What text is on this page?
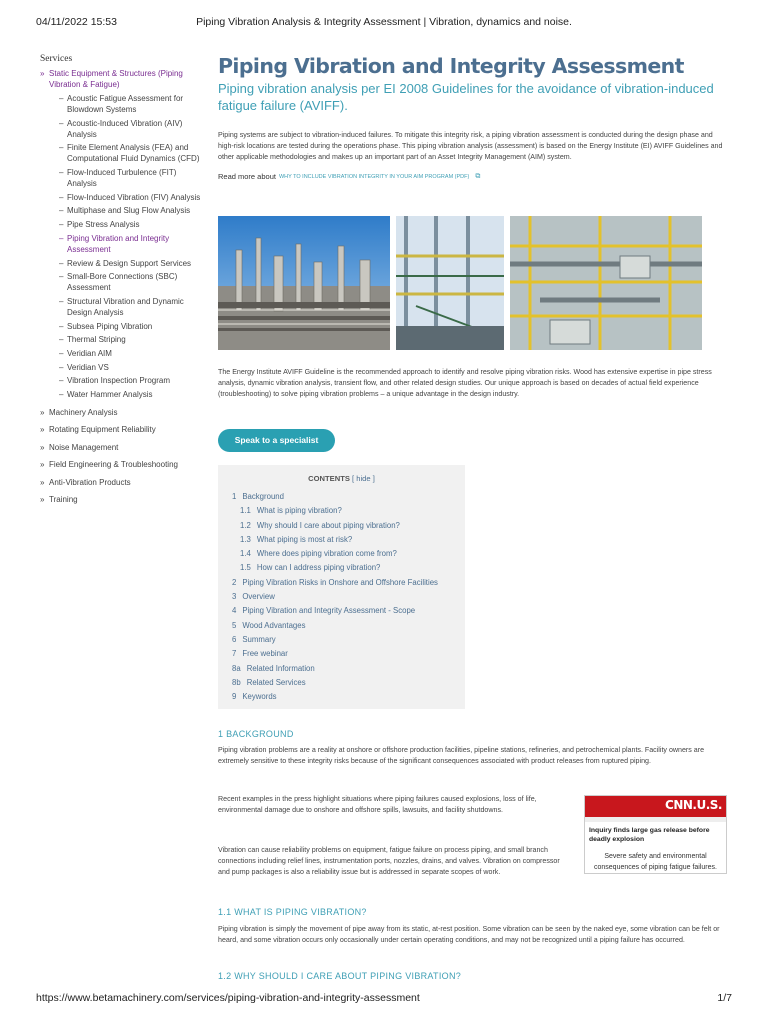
04/11/2022 15:53	Piping Vibration Analysis & Integrity Assessment | Vibration, dynamics and noise.
Services
» Static Equipment & Structures (Piping Vibration & Fatigue)
– Acoustic Fatigue Assessment for Blowdown Systems
– Acoustic-Induced Vibration (AIV) Analysis
– Finite Element Analysis (FEA) and Computational Fluid Dynamics (CFD)
– Flow-Induced Turbulence (FIT) Analysis
– Flow-Induced Vibration (FIV) Analysis
– Multiphase and Slug Flow Analysis
– Pipe Stress Analysis
– Piping Vibration and Integrity Assessment
– Review & Design Support Services
– Small-Bore Connections (SBC) Assessment
– Structural Vibration and Dynamic Design Analysis
– Subsea Piping Vibration
– Thermal Striping
– Veridian AIM
– Veridian VS
– Vibration Inspection Program
– Water Hammer Analysis
» Machinery Analysis
» Rotating Equipment Reliability
» Noise Management
» Field Engineering & Troubleshooting
» Anti-Vibration Products
» Training
Piping Vibration and Integrity Assessment
Piping vibration analysis per EI 2008 Guidelines for the avoidance of vibration-induced fatigue failure (AVIFF).

Piping systems are subject to vibration-induced failures. To mitigate this integrity risk, a piping vibration assessment is conducted during the design phase and high-risk locations are tested during the operations phase. This piping vibration analysis (assessment) is based on the Energy Institute (EI) AVIFF Guidelines and other applicable methodologies and makes up an important part of an Asset Integrity Management (AIM) system.

Read more about WHY TO INCLUDE VIBRATION INTEGRITY IN YOUR AIM PROGRAM (PDF) ⧉

The Energy Institute AVIFF Guideline is the recommended approach to identify and resolve piping vibration risks. Wood has extensive expertise in pipe stress analysis, dynamic vibration analysis, transient flow, and other related design studies. Our unique approach is based on decades of actual field experience (troubleshooting) to solve piping vibration problems – a unique advantage in the design industry.

Speak to a specialist
CONTENTS [ hide ]
1 Background
1.1 What is piping vibration?
1.2 Why should I care about piping vibration?
1.3 What piping is most at risk?
1.4 Where does piping vibration come from?
1.5 How can I address piping vibration?
2 Piping Vibration Risks in Onshore and Offshore Facilities
3 Overview
4 Piping Vibration and Integrity Assessment - Scope
5 Wood Advantages
6 Summary
7 Free webinar
8a Related Information
8b Related Services
9 Keywords
1 BACKGROUND

Piping vibration problems are a reality at onshore or offshore production facilities, pipeline stations, refineries, and petrochemical plants. Facility owners are extremely sensitive to these integrity risks because of the significant consequences associated with product releases from ruptured piping.

Recent examples in the press highlight situations where piping failures caused explosions, loss of life, environmental damage due to onshore and offshore spills, lawsuits, and facility shutdowns.

Vibration can cause reliability problems on equipment, fatigue failure on process piping, and small branch connections including relief lines, instrumentation ports, nozzles, drains, and valves. Vibration on compressor and pump packages is also a reliability issue but is addressed in separate scopes of work.

CNN.U.S.
Inquiry finds large gas release before deadly explosion
Severe safety and environmental consequences of piping fatigue failures.
1.1 WHAT IS PIPING VIBRATION?

Piping vibration is simply the movement of pipe away from its static, at-rest position. Some vibration can be seen by the naked eye, some vibration can be felt or heard, and some vibration occurs only occasionally under certain operating conditions, and may not be recognized until a piping failure has occurred.

1.2 WHY SHOULD I CARE ABOUT PIPING VIBRATION?
https://www.betamachinery.com/services/piping-vibration-and-integrity-assessment	1/7
